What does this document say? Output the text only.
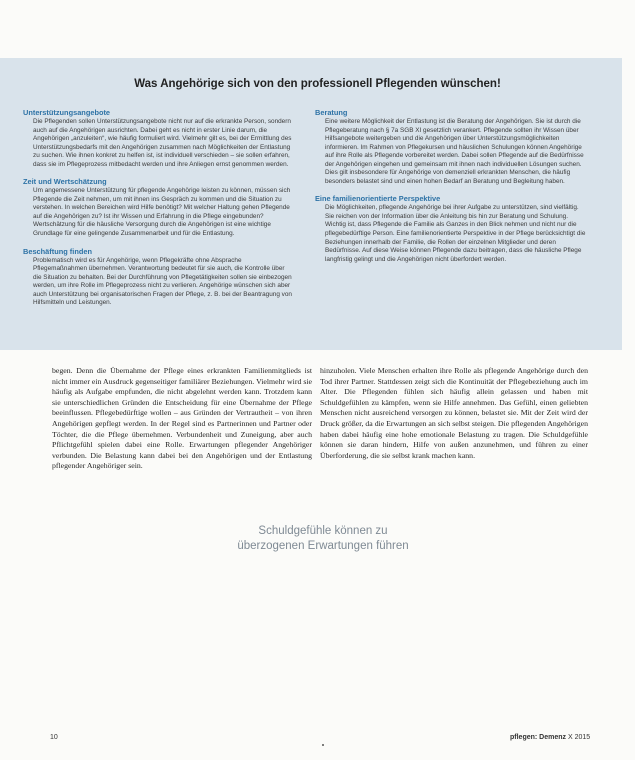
Was Angehörige sich von den professionell Pflegenden wünschen!
Unterstützungsangebote

Die Pflegenden sollen Unterstützungsangebote nicht nur auf die erkrankte Person, sondern auch auf die Angehörigen ausrichten. Dabei geht es nicht in erster Linie darum, die Angehörigen „anzuleiten“, wie häufig formuliert wird. Vielmehr gilt es, bei der Ermittlung des Unterstützungsbedarfs mit den Angehörigen zusammen nach Möglichkeiten der Entlastung zu suchen. Wie ihnen konkret zu helfen ist, ist individuell verschieden – sie sollen erfahren, dass sie im Pflegeprozess mitbedacht werden und ihre Anliegen ernst genommen werden.

Zeit und Wertschätzung

Um angemessene Unterstützung für pflegende Angehörige leisten zu können, müssen sich Pflegende die Zeit nehmen, um mit ihnen ins Gespräch zu kommen und die Situation zu verstehen. In welchen Bereichen wird Hilfe benötigt? Mit welcher Haltung gehen Pflegende auf die Angehörigen zu? Ist ihr Wissen und Erfahrung in die Pflege eingebunden? Wertschätzung für die häusliche Versorgung durch die Angehörigen ist eine wichtige Grundlage für eine gelingende Zusammenarbeit und für die Entlastung.

Beschäftung finden

Problematisch wird es für Angehörige, wenn Pflegekräfte ohne Absprache Pflegemaßnahmen übernehmen. Verantwortung bedeutet für sie auch, die Kontrolle über die Situation zu behalten. Bei der Durchführung von Pflegetätigkeiten sollen sie einbezogen werden, um ihre Rolle im Pflegeprozess nicht zu verlieren. Angehörige wünschen sich aber auch Unterstützung bei organisatorischen Fragen der Pflege, z. B. bei der Beantragung von Hilfsmitteln und Leistungen.

Beratung

Eine weitere Möglichkeit der Entlastung ist die Beratung der Angehörigen. Sie ist durch die Pflegeberatung nach § 7a SGB XI gesetzlich verankert. Pflegende sollten ihr Wissen über Hilfsangebote weitergeben und die Angehörigen über Unterstützungsmöglichkeiten informieren. Im Rahmen von Pflegekursen und häuslichen Schulungen können Angehörige auf ihre Rolle als Pflegende vorbereitet werden. Dabei sollen Pflegende auf die Bedürfnisse der Angehörigen eingehen und gemeinsam mit ihnen nach individuellen Lösungen suchen. Dies gilt insbesondere für Angehörige von demenziell erkrankten Menschen, die häufig besonders belastet sind und einen hohen Bedarf an Beratung und Begleitung haben.

Eine familienorientierte Perspektive

Die Möglichkeiten, pflegende Angehörige bei ihrer Aufgabe zu unterstützen, sind vielfältig. Sie reichen von der Information über die Anleitung bis hin zur Beratung und Schulung. Wichtig ist, dass Pflegende die Familie als Ganzes in den Blick nehmen und nicht nur die pflegebedürftige Person. Eine familienorientierte Perspektive in der Pflege berücksichtigt die Beziehungen innerhalb der Familie, die Rollen der einzelnen Mitglieder und deren Bedürfnisse. Auf diese Weise können Pflegende dazu beitragen, dass die häusliche Pflege langfristig gelingt und die Angehörigen nicht überfordert werden.

begen. Denn die Übernahme der Pflege eines erkrankten Familienmitglieds ist nicht immer ein Ausdruck gegenseitiger familiärer Beziehungen. Vielmehr wird sie häufig als Aufgabe empfunden, die nicht abgelehnt werden kann. Trotzdem kann sie unterschiedlichen Gründen die Entscheidung für eine Übernahme der Pflege beeinflussen. Pflegebedürftige wollen – aus Gründen der Vertrautheit – von ihren Angehörigen gepflegt werden. In der Regel sind es Partnerinnen und Partner oder Töchter, die die Pflege übernehmen. Verbundenheit und Zuneigung, aber auch Pflichtgefühl spielen dabei eine Rolle. Erwartungen pflegender Angehöriger verbunden. Die Belastung kann dabei bei den Angehörigen und der Entlastung pflegender Angehöriger sein.
hinzuholen. Viele Menschen erhalten ihre Rolle als pflegende Angehörige durch den Tod ihrer Partner. Stattdessen zeigt sich die Kontinuität der Pflegebeziehung auch im Alter. Die Pflegenden fühlen sich häufig allein gelassen und haben mit Schuldgefühlen zu kämpfen, wenn sie Hilfe annehmen. Das Gefühl, einen geliebten Menschen nicht ausreichend versorgen zu können, belastet sie. Mit der Zeit wird der Druck größer, da die Erwartungen an sich selbst steigen. Die pflegenden Angehörigen haben dabei häufig eine hohe emotionale Belastung zu tragen. Die Schuldgefühle können sie daran hindern, Hilfe von außen anzunehmen, und führen zu einer Überforderung, die sie selbst krank machen kann.
Schuldgefühle können zu überzogenen Erwartungen führen
10	pflegen: Demenz X 2015
